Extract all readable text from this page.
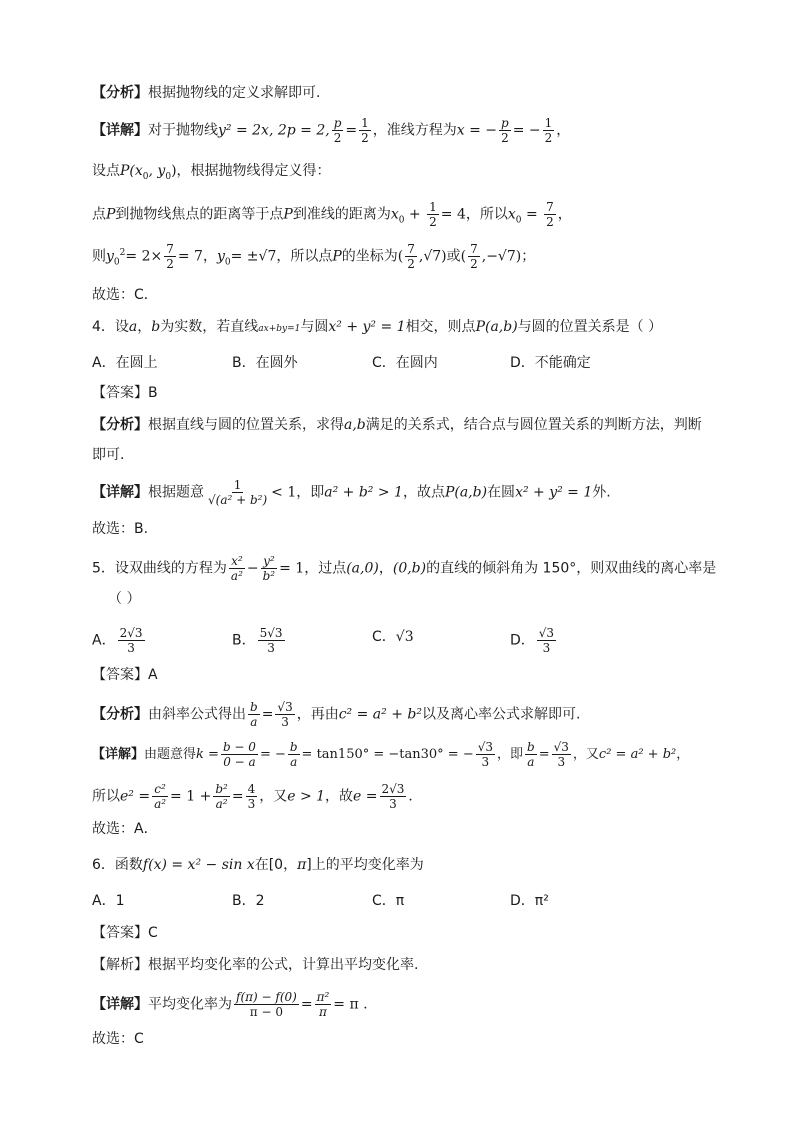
【分析】根据抛物线的定义求解即可.
【详解】对于抛物线y² = 2x, 2p = 2, $\frac{p}{2} = \frac{1}{2}$ ，准线方程为x = − $\frac{p}{2}$ = − $\frac{1}{2}$ ，
设点$P(x_0$, $y_0$)，根据抛物线得定义得：
点P到抛物线焦点的距离等于点P到准线的距离为$x_0 + \frac{1}{2} = 4$，所以$x_0 = \frac{7}{2}$ ，
则$y_0^2= 2\times \frac{7}{2} = 7$，$y_0= \pm√7$，所以点P的坐标为( $\frac{7}{2} ,√7$)或( $\frac{7}{2} ,-√7$)；
故选：C．
4．设a，b为实数，若直线ax+by=1与圆x² + y² = 1相交，则点P(a,b)与圆的位置关系是（ ）
A．在圆上	B．在圆外	C．在圆内	D．不能确定
【答案】B
【分析】根据直线与圆的位置关系，求得a,b满足的关系式，结合点与圆位置关系的判断方法，判断
即可.
【详解】根据题意 $\frac{1}{\text{√(a² + b²)}} < 1$，即a² + b² > 1，故点P(a,b)在圆x² + y² = 1外.
故选：B.
5．设双曲线的方程为 $\frac{\text{x²}}{\text{a²}} - \frac{\text{y²}}{\text{b²}} = 1$，过点(a,0)，(0,b)的直线的倾斜角为 150°，则双曲线的离心率是
（ ）
A． $\frac{2√3}{3}$	B． $\frac{5√3}{3}$	C．√3	D． $\frac{√3}{3}$
【答案】A
【分析】由斜率公式得出 $\frac{b}{a} = \frac{√3}{3}$ ，再由c² = a² + b²以及离心率公式求解即可.
【详解】由题意得$k = \frac{b - 0}{0 - a}$ = − $\frac{b}{a} = \tan 150^\circ = -\tan 30^\circ$ = − $\frac{√3}{3}$ ，即 $\frac{b}{a} = \frac{√3}{3}$ ，又c² = a² + b²，
所以$e^2 = \frac{\text{c²}}{\text{a²}} = 1 + \frac{\text{b²}}{\text{a²}} = \frac{4}{3}$ ，又e > 1，故$e = \frac{2√3}{3}$ ．
故选：A．
6．函数f(x) = x² − sin x在[0，π]上的平均变化率为
A．1	B．2	C．π	D．π²
【答案】C
【解析】根据平均变化率的公式，计算出平均变化率.
【详解】平均变化率为 $\frac{f(\pi) - f(0)}{\pi - 0} = \frac{\text{π²}}{\pi} = \pi$ .
故选：C
